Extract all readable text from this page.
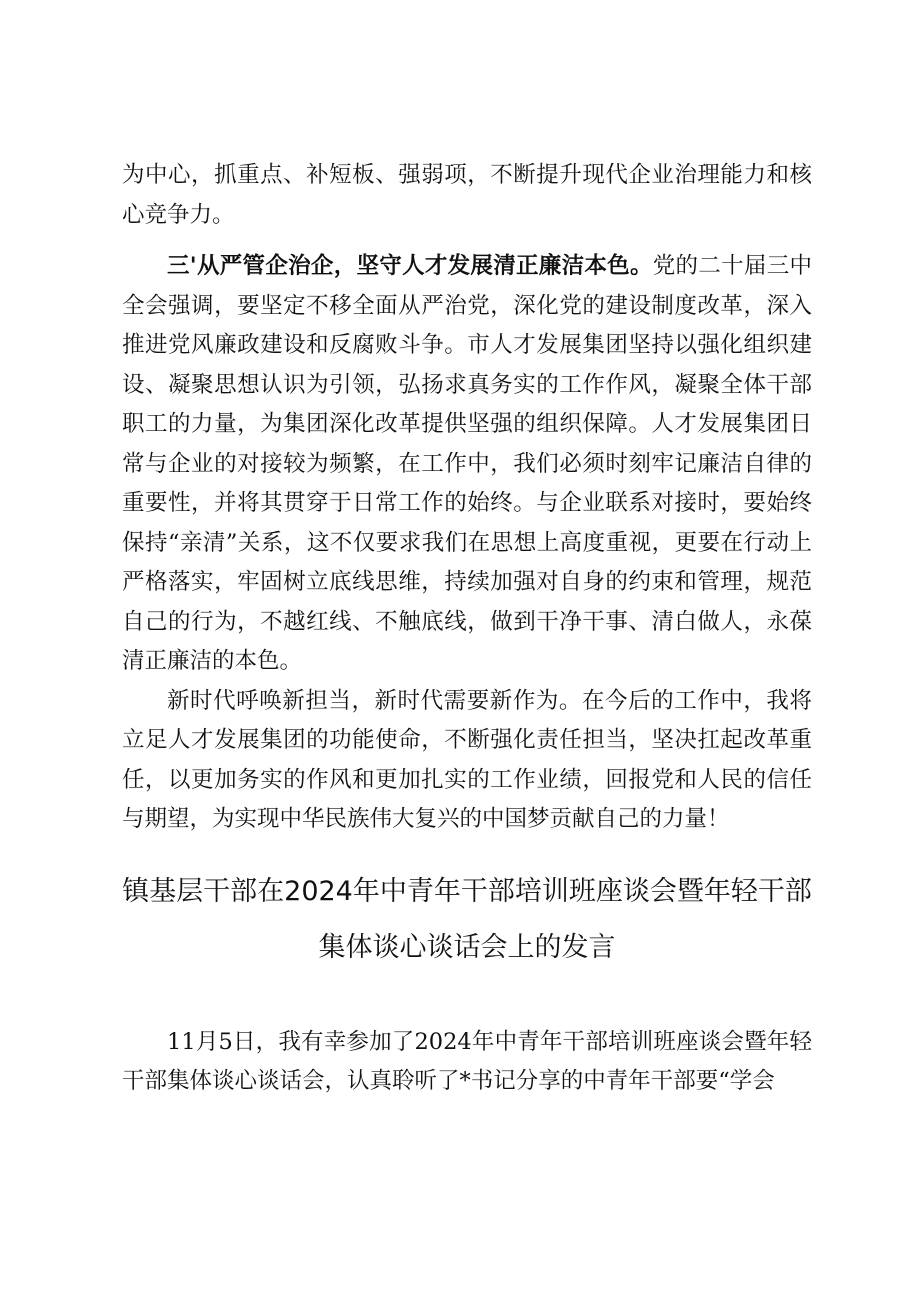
为中心，抓重点、补短板、强弱项，不断提升现代企业治理能力和核心竞争力。

三'从严管企治企，坚守人才发展清正廉洁本色。党的二十届三中全会强调，要坚定不移全面从严治党，深化党的建设制度改革，深入推进党风廉政建设和反腐败斗争。市人才发展集团坚持以强化组织建设、凝聚思想认识为引领，弘扬求真务实的工作作风，凝聚全体干部职工的力量，为集团深化改革提供坚强的组织保障。人才发展集团日常与企业的对接较为频繁，在工作中，我们必须时刻牢记廉洁自律的重要性，并将其贯穿于日常工作的始终。与企业联系对接时，要始终保持“亲清”关系，这不仅要求我们在思想上高度重视，更要在行动上严格落实，牢固树立底线思维，持续加强对自身的约束和管理，规范自己的行为，不越红线、不触底线，做到干净干事、清白做人，永葆清正廉洁的本色。

新时代呼唤新担当，新时代需要新作为。在今后的工作中，我将立足人才发展集团的功能使命，不断强化责任担当，坚决扛起改革重任，以更加务实的作风和更加扎实的工作业绩，回报党和人民的信任与期望，为实现中华民族伟大复兴的中国梦贡献自己的力量！

镇基层干部在2024年中青年干部培训班座谈会暨年轻干部集体谈心谈话会上的发言

11月5日，我有幸参加了2024年中青年干部培训班座谈会暨年轻干部集体谈心谈话会，认真聆听了*书记分享的中青年干部要“学会
